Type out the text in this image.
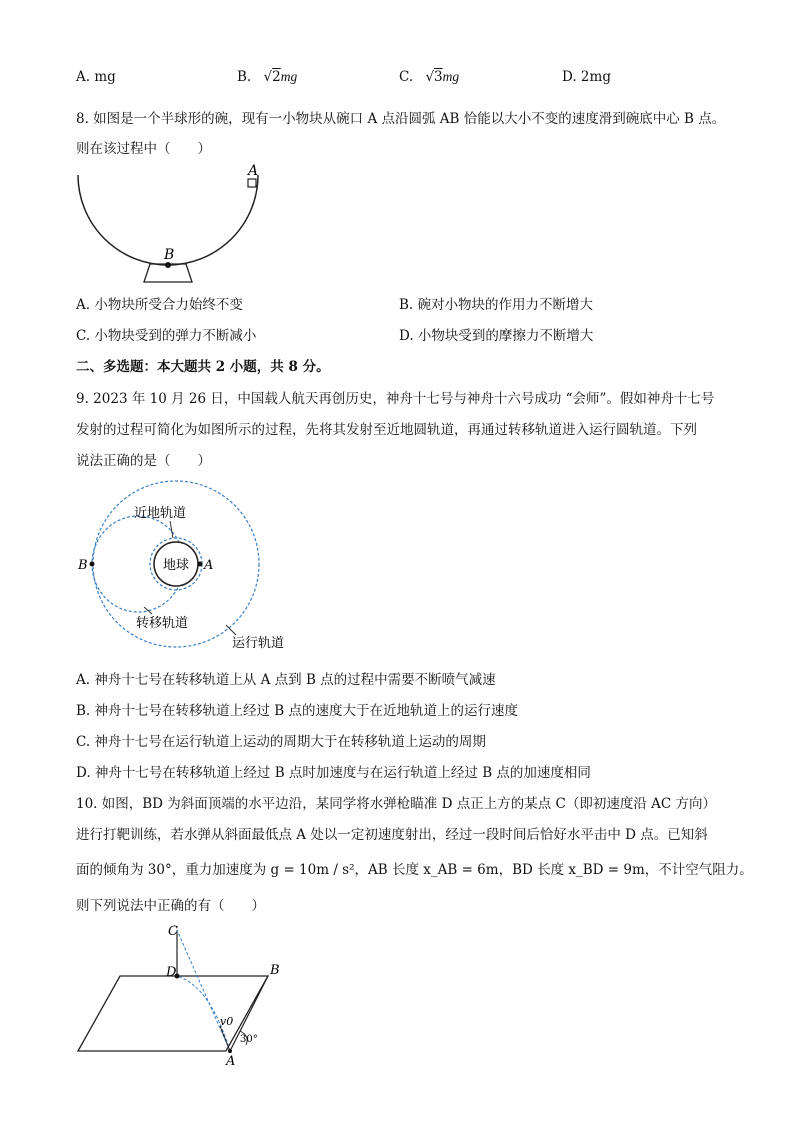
A. mg	B. √2mg	C. √3mg	D. 2mg
8. 如图是一个半球形的碗，现有一小物块从碗口 A 点沿圆弧 AB 恰能以大小不变的速度滑到碗底中心 B 点。
则在该过程中（　　）
A
B
A. 小物块所受合力始终不变	B. 碗对小物块的作用力不断增大
C. 小物块受到的弹力不断减小	D. 小物块受到的摩擦力不断增大
二、多选题：本大题共 2 小题，共 8 分。
9. 2023 年 10 月 26 日，中国载人航天再创历史，神舟十七号与神舟十六号成功 “会师”。假如神舟十七号
发射的过程可简化为如图所示的过程，先将其发射至近地圆轨道，再通过转移轨道进入运行圆轨道。下列
说法正确的是（　　）
地球
B	A
近地轨道
转移轨道
运行轨道
A. 神舟十七号在转移轨道上从 A 点到 B 点的过程中需要不断喷气减速
B. 神舟十七号在转移轨道上经过 B 点的速度大于在近地轨道上的运行速度
C. 神舟十七号在运行轨道上运动的周期大于在转移轨道上运动的周期
D. 神舟十七号在转移轨道上经过 B 点时加速度与在运行轨道上经过 B 点的加速度相同
10. 如图，BD 为斜面顶端的水平边沿，某同学将水弹枪瞄准 D 点正上方的某点 C（即初速度沿 AC 方向）
进行打靶训练，若水弹从斜面最低点 A 处以一定初速度射出，经过一段时间后恰好水平击中 D 点。已知斜
面的倾角为 30°，重力加速度为 g = 10m / s²，AB 长度 x_AB = 6m，BD 长度 x_BD = 9m，不计空气阻力。
则下列说法中正确的有（　　）
C
D	B
A
v0
30°
